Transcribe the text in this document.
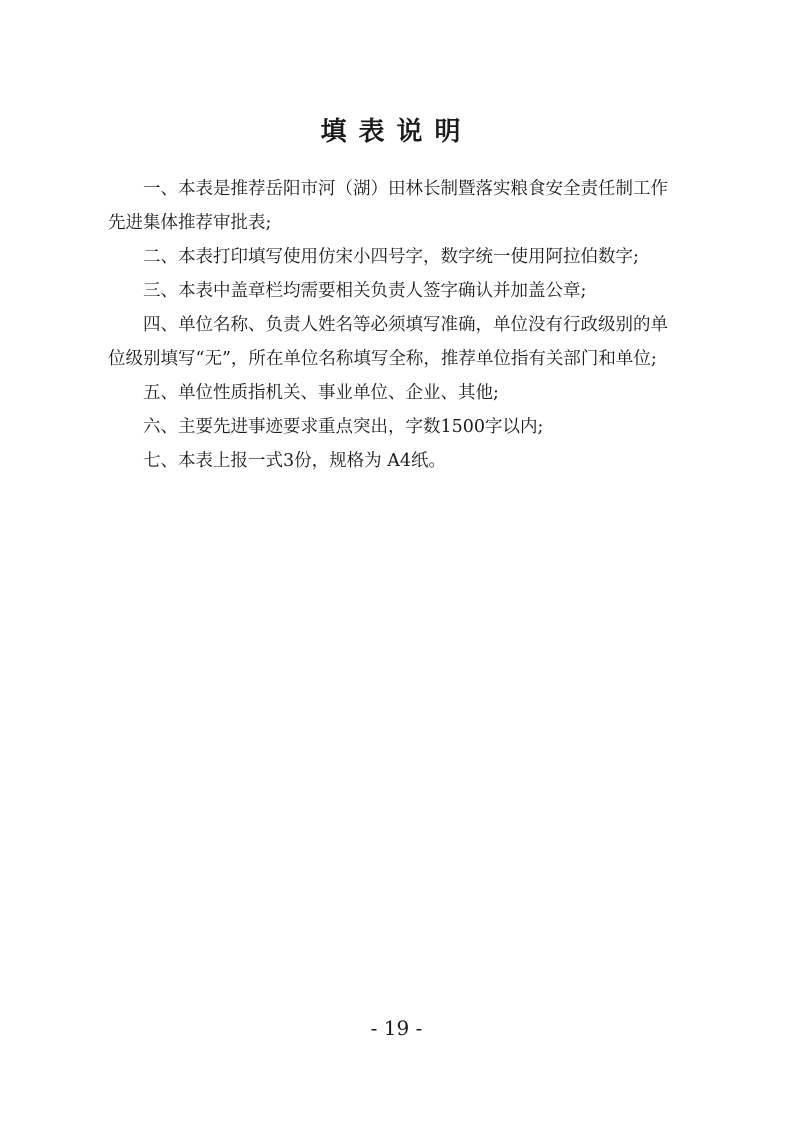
填表说明
一、本表是推荐岳阳市河（湖）田林长制暨落实粮食安全责任制工作
先进集体推荐审批表;

二、本表打印填写使用仿宋小四号字，数字统一使用阿拉伯数字;

三、本表中盖章栏均需要相关负责人签字确认并加盖公章;

四、单位名称、负责人姓名等必须填写准确，单位没有行政级别的单
位级别填写“无”，所在单位名称填写全称，推荐单位指有关部门和单位;

五、单位性质指机关、事业单位、企业、其他;

六、主要先进事迹要求重点突出，字数1500字以内;

七、本表上报一式3份，规格为 A4纸。

- 19 -
